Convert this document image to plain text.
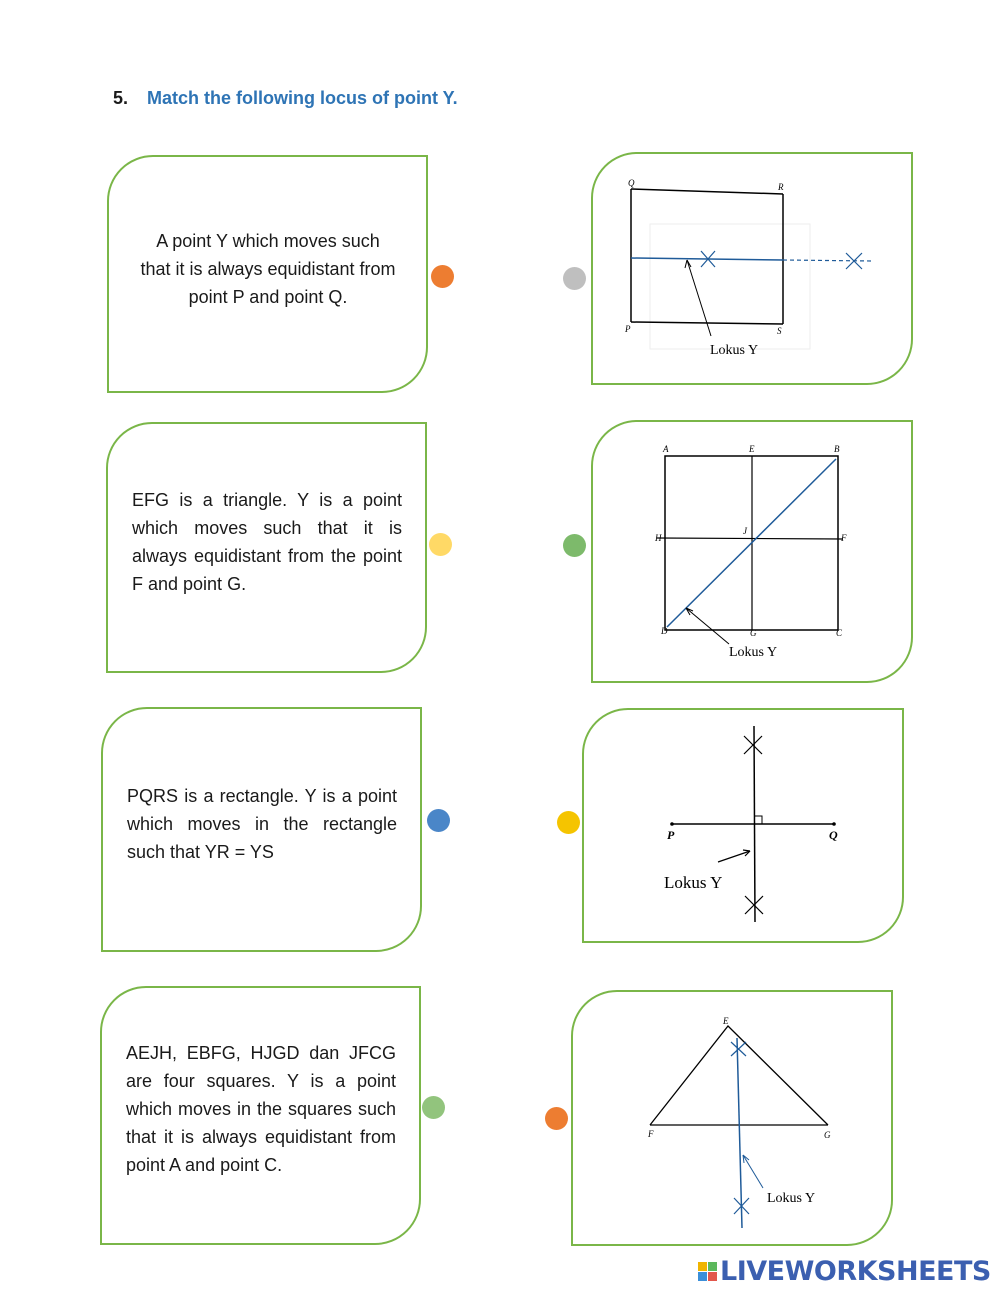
5. Match the following locus of point Y.
A point Y which moves such that it is always equidistant from point P and point Q.
EFG is a triangle. Y is a point which moves such that it is always equidistant from the point F and point G.
PQRS is a rectangle. Y is a point which moves in the rectangle such that YR = YS
AEJH, EBFG, HJGD dan JFCG are four squares. Y is a point which moves in the squares such that it is always equidistant from point A and point C.
Q	R
P	S
Lokus Y
A	E	B
H
J
F
D	G	C
Lokus Y
P	Q
Lokus Y
E
F	G
Lokus Y
LIVEWORKSHEETS
